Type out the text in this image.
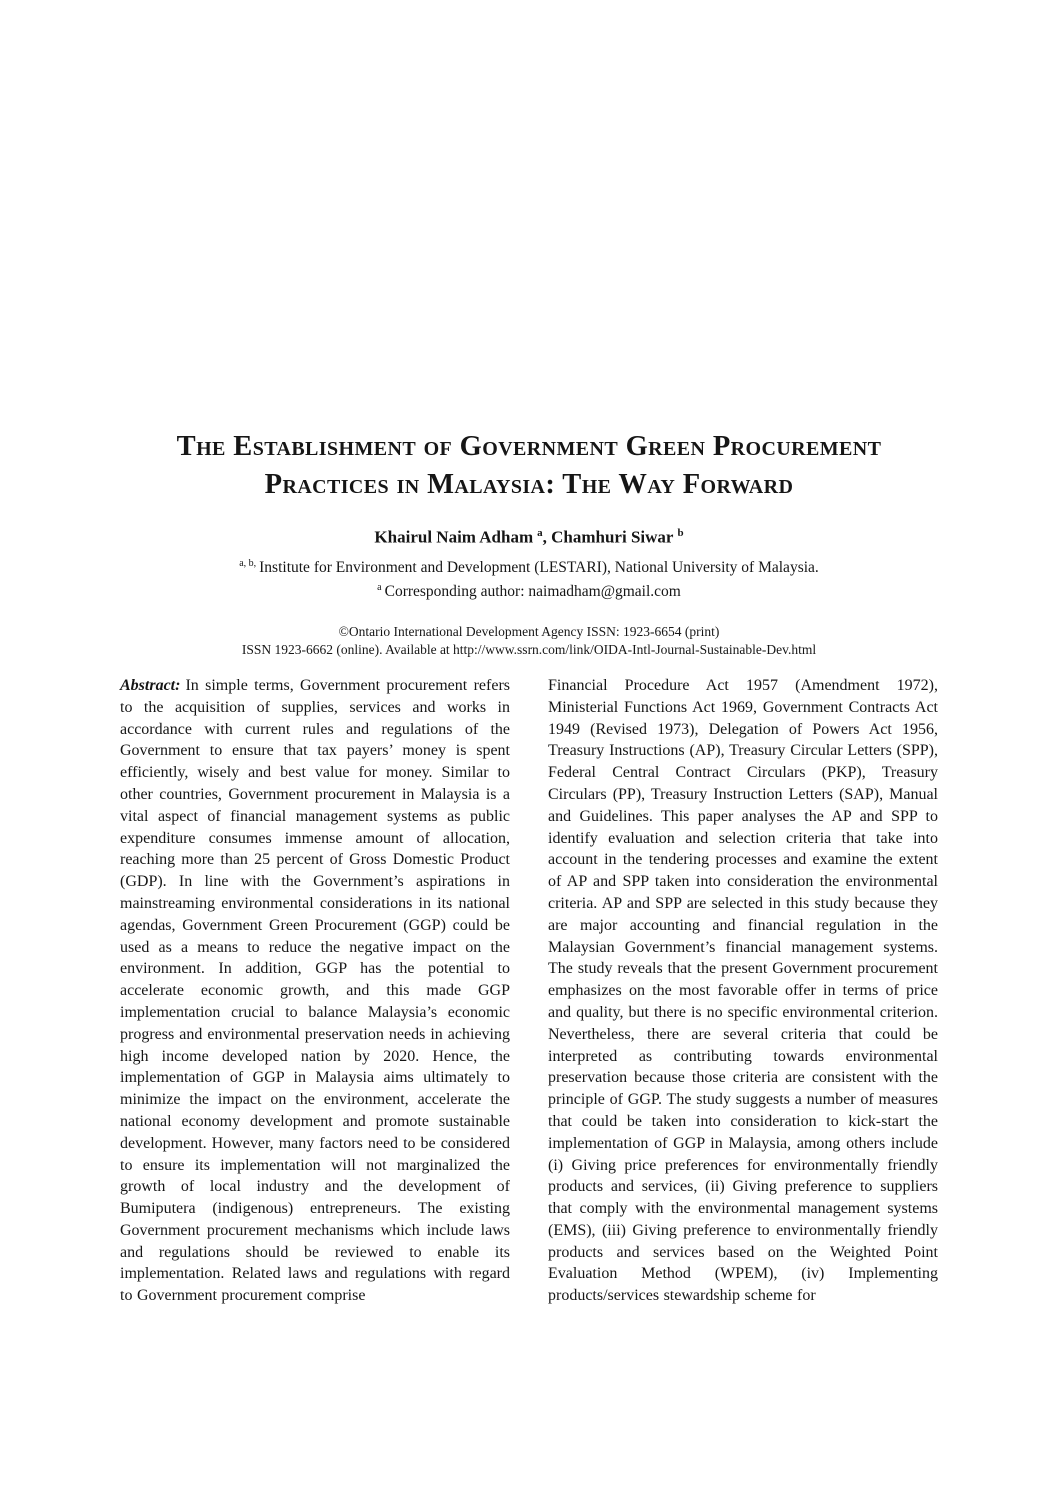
The Establishment of Government Green Procurement Practices in Malaysia: The Way Forward
Khairul Naim Adham $^a$, Chamhuri Siwar $^b$
$^{a, b,}$ Institute for Environment and Development (LESTARI), National University of Malaysia.
$^a$ Corresponding author: naimadham@gmail.com
©Ontario International Development Agency ISSN: 1923-6654 (print)
ISSN 1923-6662 (online). Available at http://www.ssrn.com/link/OIDA-Intl-Journal-Sustainable-Dev.html
Abstract: In simple terms, Government procurement refers to the acquisition of supplies, services and works in accordance with current rules and regulations of the Government to ensure that tax payers’ money is spent efficiently, wisely and best value for money. Similar to other countries, Government procurement in Malaysia is a vital aspect of financial management systems as public expenditure consumes immense amount of allocation, reaching more than 25 percent of Gross Domestic Product (GDP). In line with the Government’s aspirations in mainstreaming environmental considerations in its national agendas, Government Green Procurement (GGP) could be used as a means to reduce the negative impact on the environment. In addition, GGP has the potential to accelerate economic growth, and this made GGP implementation crucial to balance Malaysia’s economic progress and environmental preservation needs in achieving high income developed nation by 2020. Hence, the implementation of GGP in Malaysia aims ultimately to minimize the impact on the environment, accelerate the national economy development and promote sustainable development. However, many factors need to be considered to ensure its implementation will not marginalized the growth of local industry and the development of Bumiputera (indigenous) entrepreneurs. The existing Government procurement mechanisms which include laws and regulations should be reviewed to enable its implementation. Related laws and regulations with regard to Government procurement comprise
Financial Procedure Act 1957 (Amendment 1972), Ministerial Functions Act 1969, Government Contracts Act 1949 (Revised 1973), Delegation of Powers Act 1956, Treasury Instructions (AP), Treasury Circular Letters (SPP), Federal Central Contract Circulars (PKP), Treasury Circulars (PP), Treasury Instruction Letters (SAP), Manual and Guidelines. This paper analyses the AP and SPP to identify evaluation and selection criteria that take into account in the tendering processes and examine the extent of AP and SPP taken into consideration the environmental criteria. AP and SPP are selected in this study because they are major accounting and financial regulation in the Malaysian Government’s financial management systems. The study reveals that the present Government procurement emphasizes on the most favorable offer in terms of price and quality, but there is no specific environmental criterion. Nevertheless, there are several criteria that could be interpreted as contributing towards environmental preservation because those criteria are consistent with the principle of GGP. The study suggests a number of measures that could be taken into consideration to kick-start the implementation of GGP in Malaysia, among others include (i) Giving price preferences for environmentally friendly products and services, (ii) Giving preference to suppliers that comply with the environmental management systems (EMS), (iii) Giving preference to environmentally friendly products and services based on the Weighted Point Evaluation Method (WPEM), (iv) Implementing products/services stewardship scheme for
